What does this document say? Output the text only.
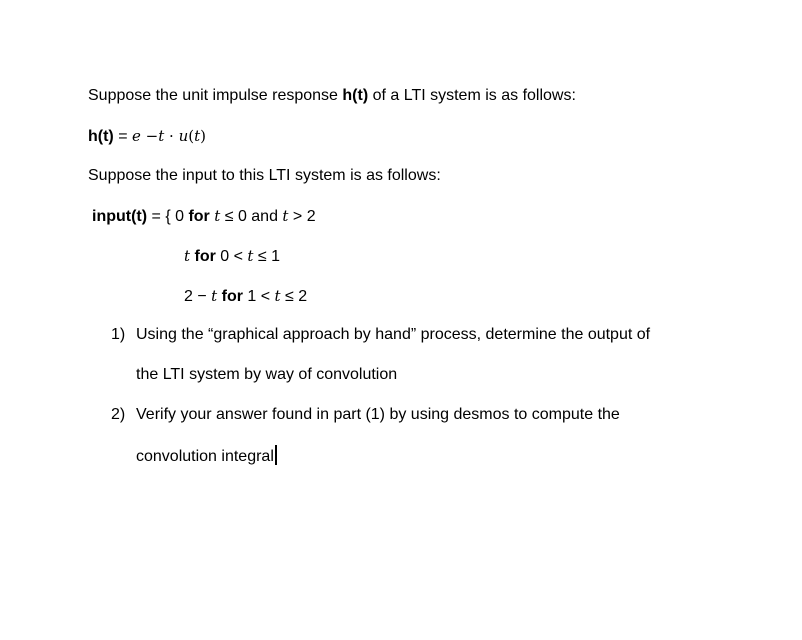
Suppose the unit impulse response h(t) of a LTI system is as follows:
h(t) = e −t · u(t)
Suppose the input to this LTI system is as follows:
input(t) = { 0 for t ≤ 0 and t > 2
t for 0 < t ≤ 1
2 − t for 1 < t ≤ 2
1) Using the “graphical approach by hand” process, determine the output of
the LTI system by way of convolution
2) Verify your answer found in part (1) by using desmos to compute the
convolution integral
